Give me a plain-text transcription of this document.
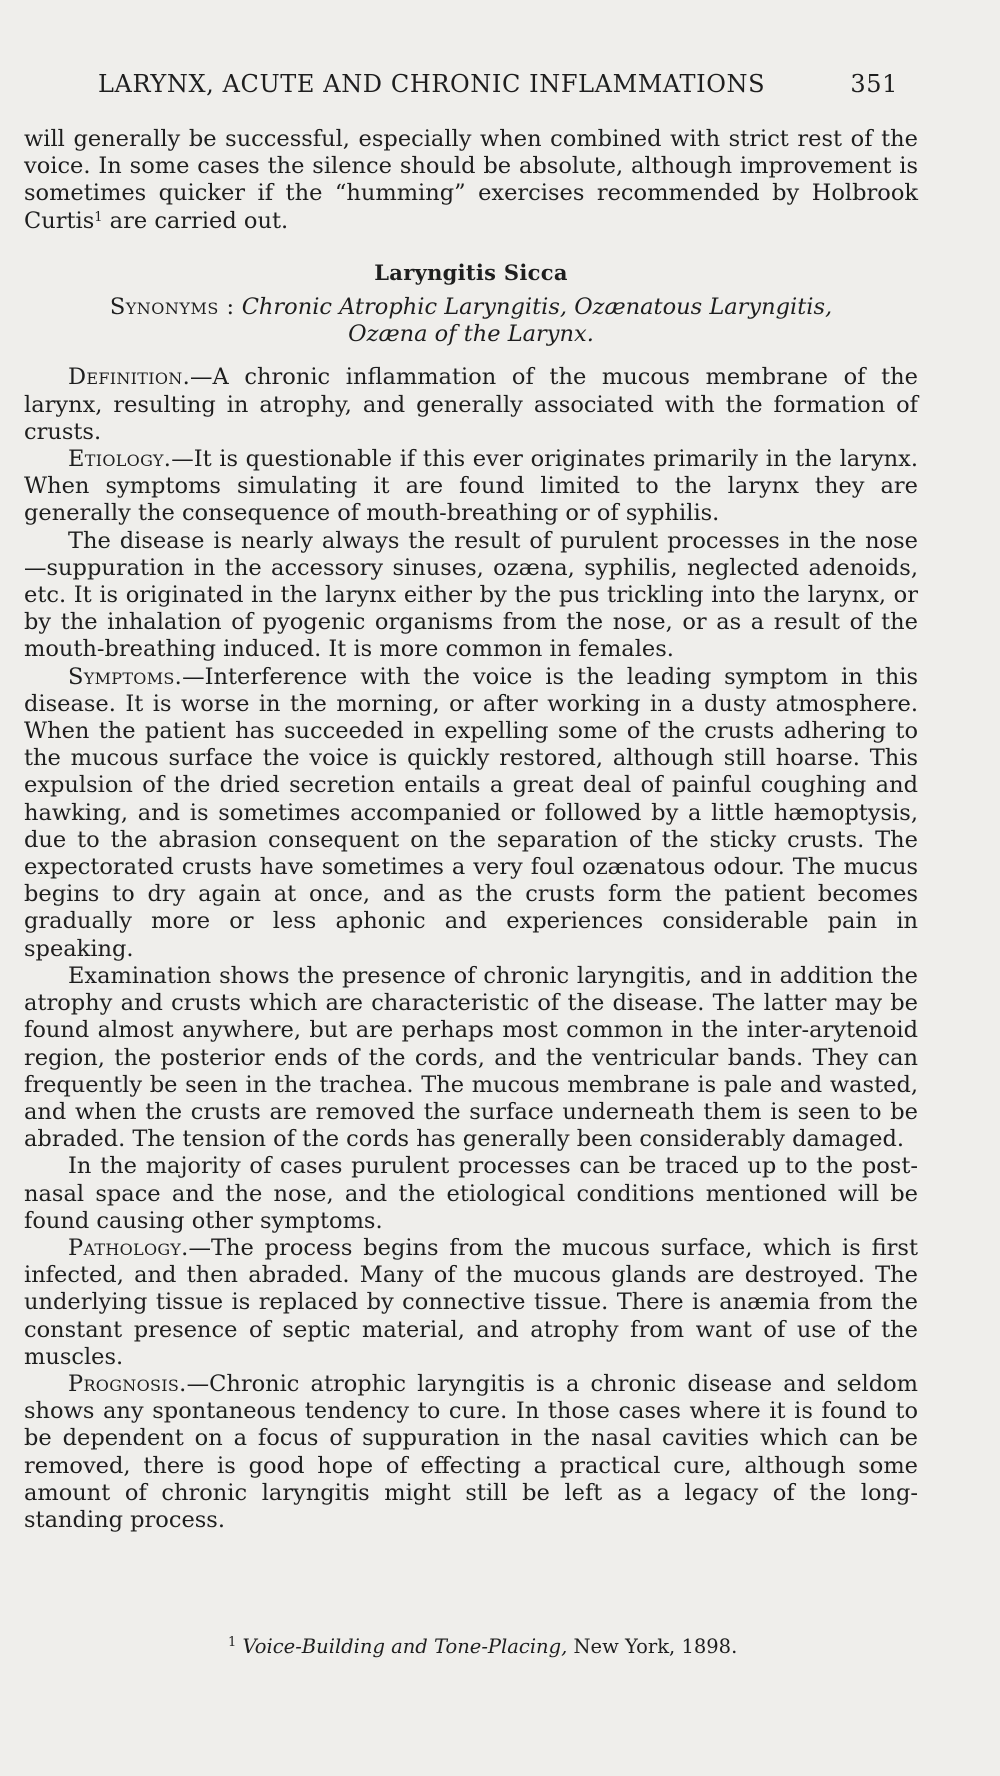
LARYNX, ACUTE AND CHRONIC INFLAMMATIONS	351

will generally be successful, especially when combined with strict rest of the voice. In some cases the silence should be absolute, although improvement is sometimes quicker if the “humming” exercises recommended by Holbrook Curtis$^1$ are carried out.

Laryngitis Sicca

Synonyms : Chronic Atrophic Laryngitis, Ozænatous Laryngitis,
Ozæna of the Larynx.

Definition.—A chronic inflammation of the mucous membrane of the larynx, resulting in atrophy, and generally associated with the formation of crusts.

Etiology.—It is questionable if this ever originates primarily in the larynx. When symptoms simulating it are found limited to the larynx they are generally the consequence of mouth-breathing or of syphilis.

The disease is nearly always the result of purulent processes in the nose —suppuration in the accessory sinuses, ozæna, syphilis, neglected adenoids, etc. It is originated in the larynx either by the pus trickling into the larynx, or by the inhalation of pyogenic organisms from the nose, or as a result of the mouth-breathing induced. It is more common in females.

Symptoms.—Interference with the voice is the leading symptom in this disease. It is worse in the morning, or after working in a dusty atmosphere. When the patient has succeeded in expelling some of the crusts adhering to the mucous surface the voice is quickly restored, although still hoarse. This expulsion of the dried secretion entails a great deal of painful coughing and hawking, and is sometimes accompanied or followed by a little hæmoptysis, due to the abrasion consequent on the separation of the sticky crusts. The expectorated crusts have sometimes a very foul ozænatous odour. The mucus begins to dry again at once, and as the crusts form the patient becomes gradually more or less aphonic and experiences considerable pain in speaking.

Examination shows the presence of chronic laryngitis, and in addition the atrophy and crusts which are characteristic of the disease. The latter may be found almost anywhere, but are perhaps most common in the inter-arytenoid region, the posterior ends of the cords, and the ventricular bands. They can frequently be seen in the trachea. The mucous membrane is pale and wasted, and when the crusts are removed the surface underneath them is seen to be abraded. The tension of the cords has generally been considerably damaged.

In the majority of cases purulent processes can be traced up to the post-nasal space and the nose, and the etiological conditions mentioned will be found causing other symptoms.

Pathology.—The process begins from the mucous surface, which is first infected, and then abraded. Many of the mucous glands are destroyed. The underlying tissue is replaced by connective tissue. There is anæmia from the constant presence of septic material, and atrophy from want of use of the muscles.

Prognosis.—Chronic atrophic laryngitis is a chronic disease and seldom shows any spontaneous tendency to cure. In those cases where it is found to be dependent on a focus of suppuration in the nasal cavities which can be removed, there is good hope of effecting a practical cure, although some amount of chronic laryngitis might still be left as a legacy of the long-standing process.

$^1$ Voice-Building and Tone-Placing, New York, 1898.
